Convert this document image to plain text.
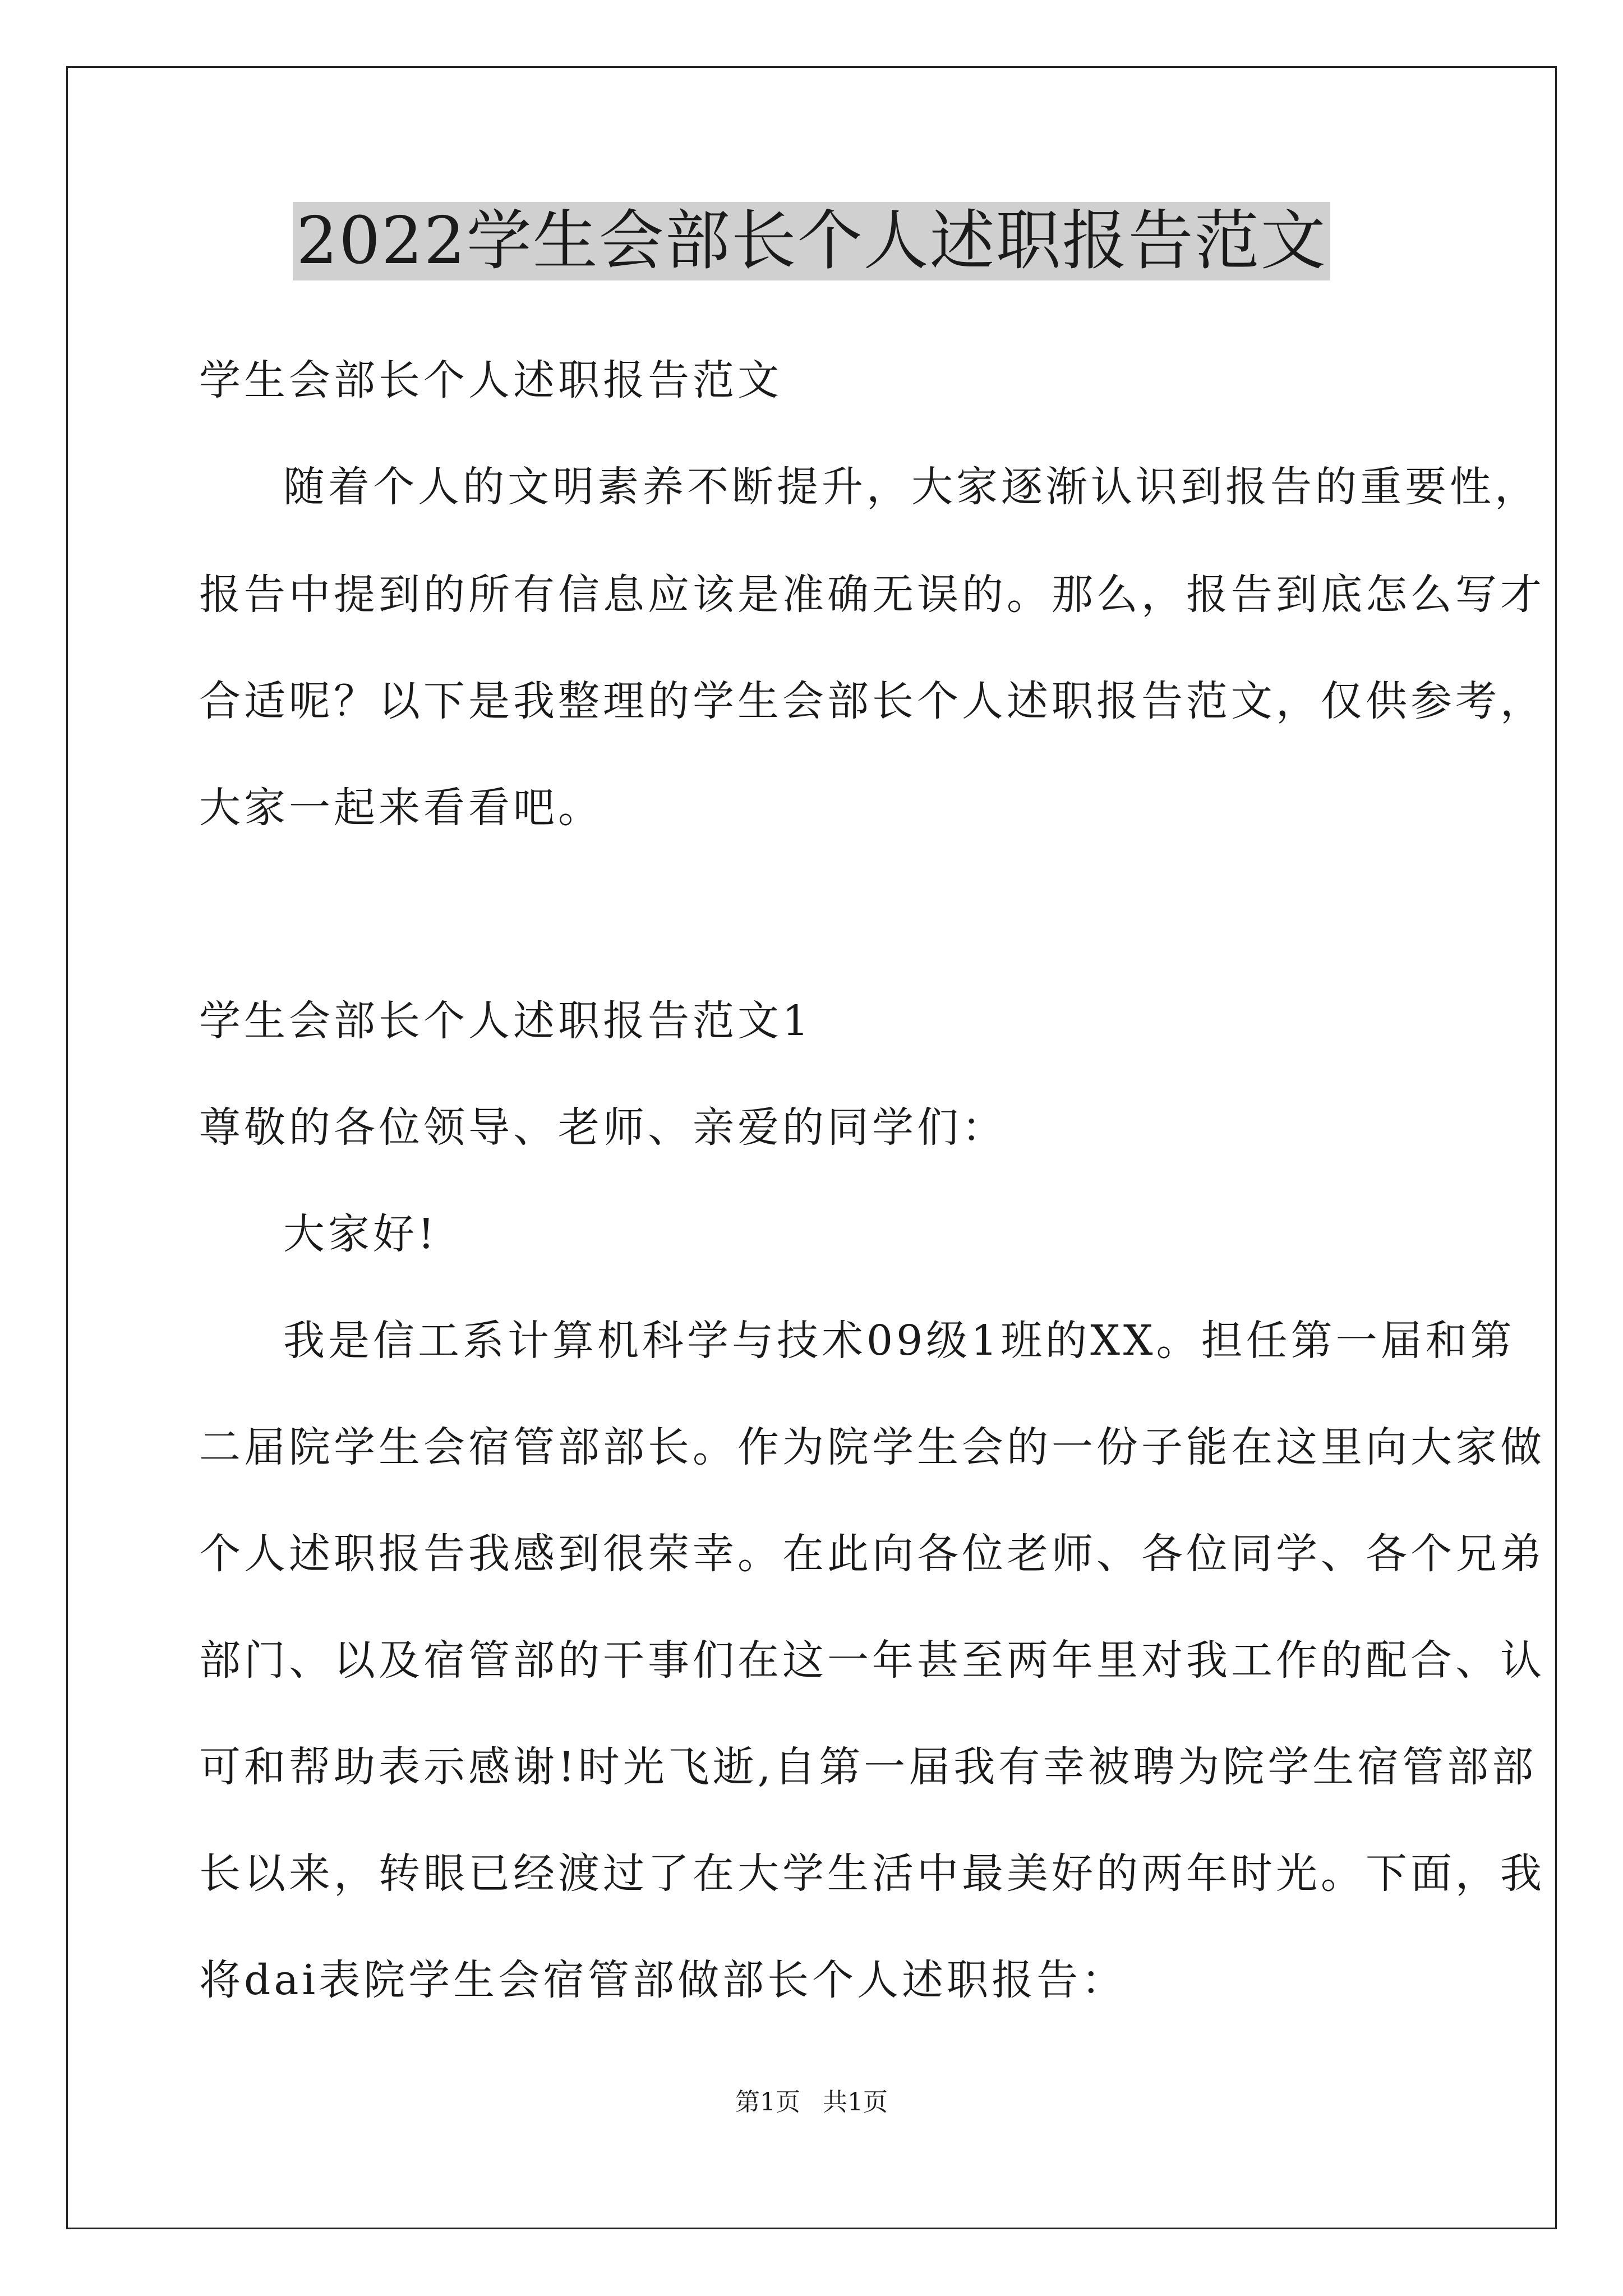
2022学生会部长个人述职报告范文
学生会部长个人述职报告范文
随着个人的文明素养不断提升，大家逐渐认识到报告的重要性，
报告中提到的所有信息应该是准确无误的。那么，报告到底怎么写才
合适呢？以下是我整理的学生会部长个人述职报告范文，仅供参考，
大家一起来看看吧。
学生会部长个人述职报告范文1
尊敬的各位领导、老师、亲爱的同学们：
大家好!
我是信工系计算机科学与技术09级1班的XX。担任第一届和第
二届院学生会宿管部部长。作为院学生会的一份子能在这里向大家做
个人述职报告我感到很荣幸。在此向各位老师、各位同学、各个兄弟
部门、以及宿管部的干事们在这一年甚至两年里对我工作的配合、认
可和帮助表示感谢!时光飞逝,自第一届我有幸被聘为院学生宿管部部
长以来，转眼已经渡过了在大学生活中最美好的两年时光。下面，我
将dai表院学生会宿管部做部长个人述职报告：
第1页 共1页
